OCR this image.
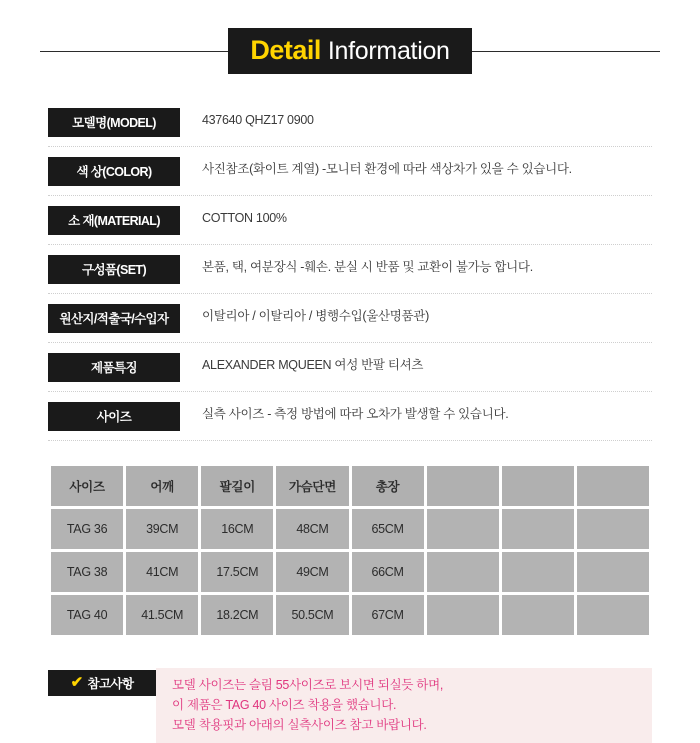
Detail Information
모델명(MODEL)	437640 QHZ17 0900
색 상(COLOR)	사진참조(화이트 계열) -모니터 환경에 따라 색상차가 있을 수 있습니다.
소 재(MATERIAL)	COTTON 100%
구성품(SET)	본품, 택, 여분장식 -훼손. 분실 시 반품 및 교환이 불가능 합니다.
원산지/적출국/수입자	이탈리아 / 이탈리아 / 병행수입(울산명품관)
제품특징	ALEXANDER MQUEEN 여성 반팔 티셔츠
사이즈	실측 사이즈 - 측정 방법에 따라 오차가 발생할 수 있습니다.
사이즈	어깨	팔길이	가슴단면	총장			
TAG 36	39CM	16CM	48CM	65CM			
TAG 38	41CM	17.5CM	49CM	66CM			
TAG 40	41.5CM	18.2CM	50.5CM	67CM			
✔ 참고사항	모델 사이즈는 슬림 55사이즈로 보시면 되실듯 하며,
이 제품은 TAG 40 사이즈 착용을 했습니다.
모델 착용핏과 아래의 실측사이즈 참고 바랍니다.
